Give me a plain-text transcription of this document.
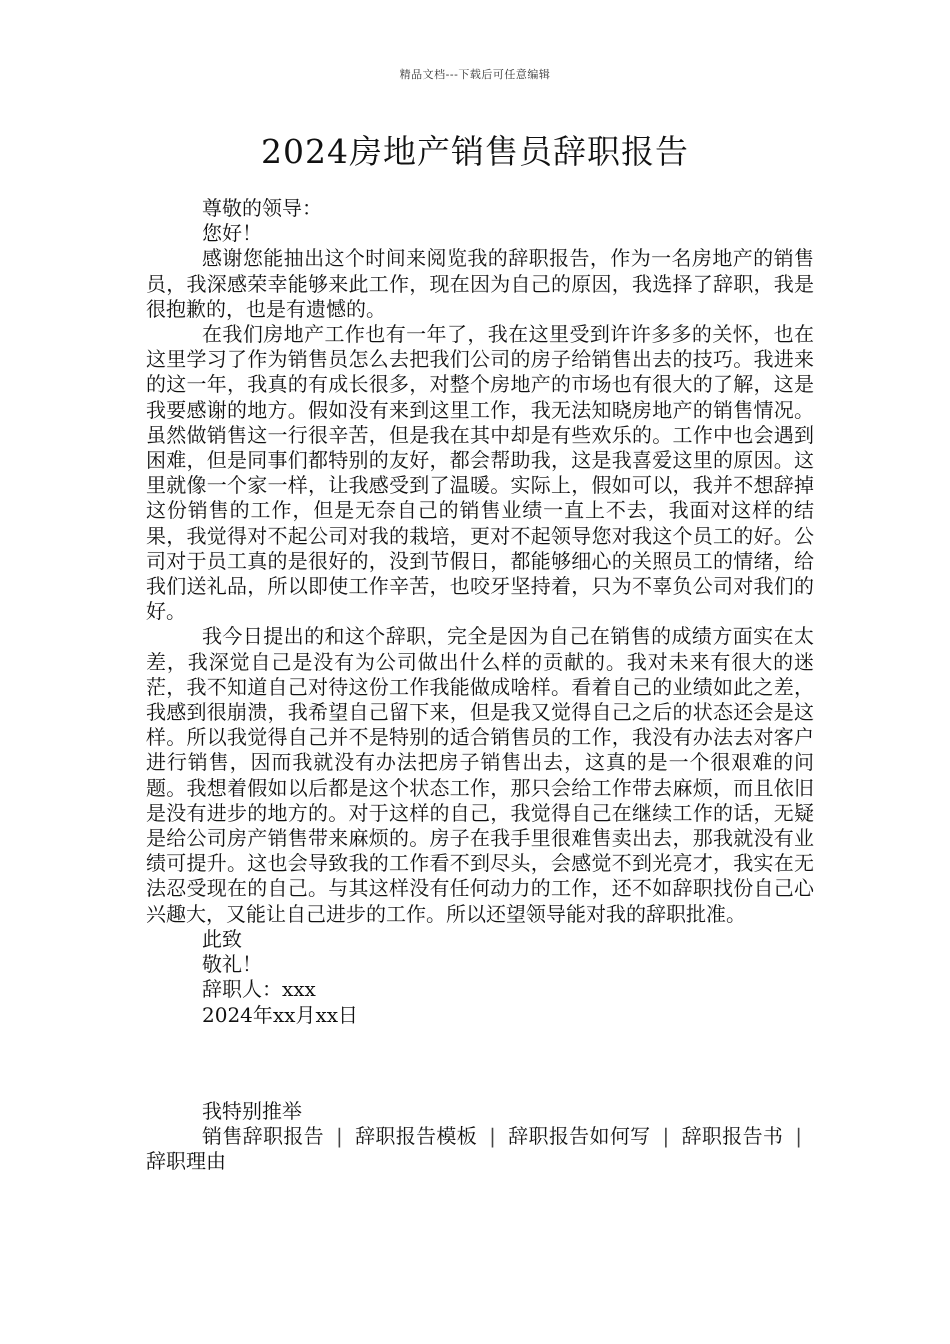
精品文档---下载后可任意编辑
2024房地产销售员辞职报告

尊敬的领导：

您好！

感谢您能抽出这个时间来阅览我的辞职报告，作为一名房地产的销售员，我深感荣幸能够来此工作，现在因为自己的原因，我选择了辞职，我是很抱歉的，也是有遗憾的。

在我们房地产工作也有一年了，我在这里受到许许多多的关怀，也在这里学习了作为销售员怎么去把我们公司的房子给销售出去的技巧。我进来的这一年，我真的有成长很多，对整个房地产的市场也有很大的了解，这是我要感谢的地方。假如没有来到这里工作，我无法知晓房地产的销售情况。虽然做销售这一行很辛苦，但是我在其中却是有些欢乐的。工作中也会遇到困难，但是同事们都特别的友好，都会帮助我，这是我喜爱这里的原因。这里就像一个家一样，让我感受到了温暖。实际上，假如可以，我并不想辞掉这份销售的工作，但是无奈自己的销售业绩一直上不去，我面对这样的结果，我觉得对不起公司对我的栽培，更对不起领导您对我这个员工的好。公司对于员工真的是很好的，没到节假日，都能够细心的关照员工的情绪，给我们送礼品，所以即使工作辛苦，也咬牙坚持着，只为不辜负公司对我们的好。

我今日提出的和这个辞职，完全是因为自己在销售的成绩方面实在太差，我深觉自己是没有为公司做出什么样的贡献的。我对未来有很大的迷茫，我不知道自己对待这份工作我能做成啥样。看着自己的业绩如此之差，我感到很崩溃，我希望自己留下来，但是我又觉得自己之后的状态还会是这样。所以我觉得自己并不是特别的适合销售员的工作，我没有办法去对客户进行销售，因而我就没有办法把房子销售出去，这真的是一个很艰难的问题。我想着假如以后都是这个状态工作，那只会给工作带去麻烦，而且依旧是没有进步的地方的。对于这样的自己，我觉得自己在继续工作的话，无疑是给公司房产销售带来麻烦的。房子在我手里很难售卖出去，那我就没有业绩可提升。这也会导致我的工作看不到尽头，会感觉不到光亮才，我实在无法忍受现在的自己。与其这样没有任何动力的工作，还不如辞职找份自己心兴趣大，又能让自己进步的工作。所以还望领导能对我的辞职批准。

此致

敬礼！

辞职人：xxx

2024年xx月xx日

我特别推举

销售辞职报告 | 辞职报告模板 | 辞职报告如何写 | 辞职报告书 |辞职理由
